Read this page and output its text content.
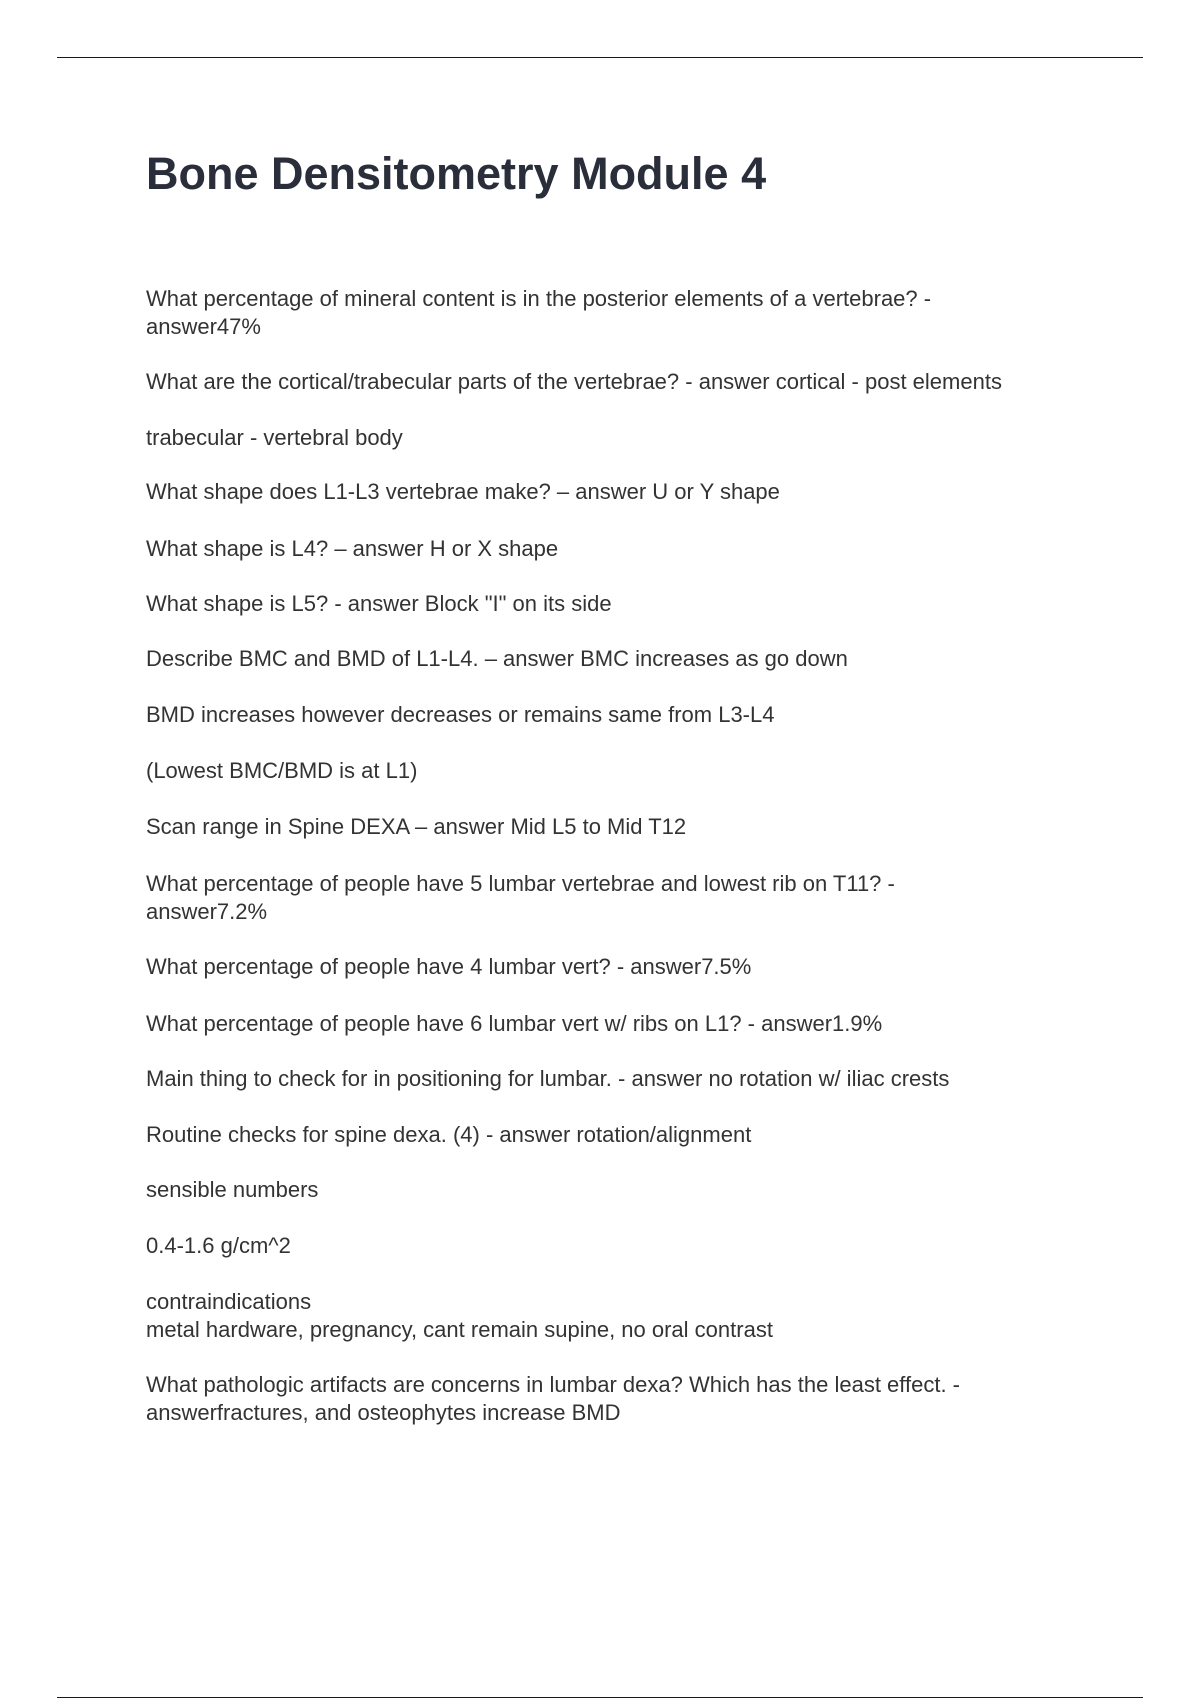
Bone Densitometry Module 4

What percentage of mineral content is in the posterior elements of a vertebrae? -
answer47%

What are the cortical/trabecular parts of the vertebrae? - answer cortical - post elements

trabecular - vertebral body

What shape does L1-L3 vertebrae make? – answer U or Y shape

What shape is L4? – answer H or X shape

What shape is L5? - answer Block "I" on its side

Describe BMC and BMD of L1-L4. – answer BMC increases as go down

BMD increases however decreases or remains same from L3-L4

(Lowest BMC/BMD is at L1)

Scan range in Spine DEXA – answer Mid L5 to Mid T12

What percentage of people have 5 lumbar vertebrae and lowest rib on T11? -
answer7.2%

What percentage of people have 4 lumbar vert? - answer7.5%

What percentage of people have 6 lumbar vert w/ ribs on L1? - answer1.9%

Main thing to check for in positioning for lumbar. - answer no rotation w/ iliac crests

Routine checks for spine dexa. (4) - answer rotation/alignment

sensible numbers

0.4-1.6 g/cm^2

contraindications
metal hardware, pregnancy, cant remain supine, no oral contrast

What pathologic artifacts are concerns in lumbar dexa? Which has the least effect. -
answerfractures, and osteophytes increase BMD
